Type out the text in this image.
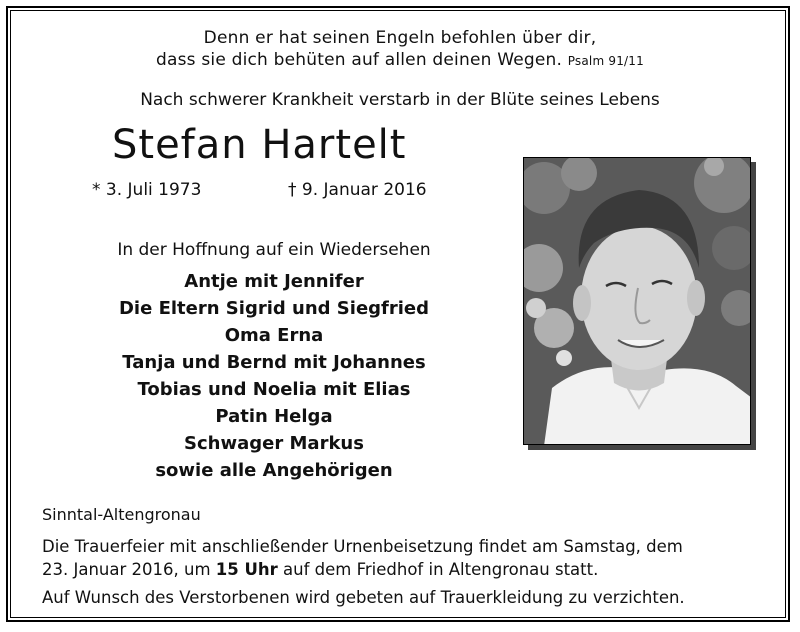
Denn er hat seinen Engeln befohlen über dir,
dass sie dich behüten auf allen deinen Wegen. Psalm 91/11
Nach schwerer Krankheit verstarb in der Blüte seines Lebens
Stefan Hartelt
* 3. Juli 1973	† 9. Januar 2016
In der Hoffnung auf ein Wiedersehen
Antje mit Jennifer
Die Eltern Sigrid und Siegfried
Oma Erna
Tanja und Bernd mit Johannes
Tobias und Noelia mit Elias
Patin Helga
Schwager Markus
sowie alle Angehörigen
Sinntal-Altengronau
Die Trauerfeier mit anschließender Urnenbeisetzung findet am Samstag, dem
23. Januar 2016, um 15 Uhr auf dem Friedhof in Altengronau statt.
Auf Wunsch des Verstorbenen wird gebeten auf Trauerkleidung zu verzichten.
